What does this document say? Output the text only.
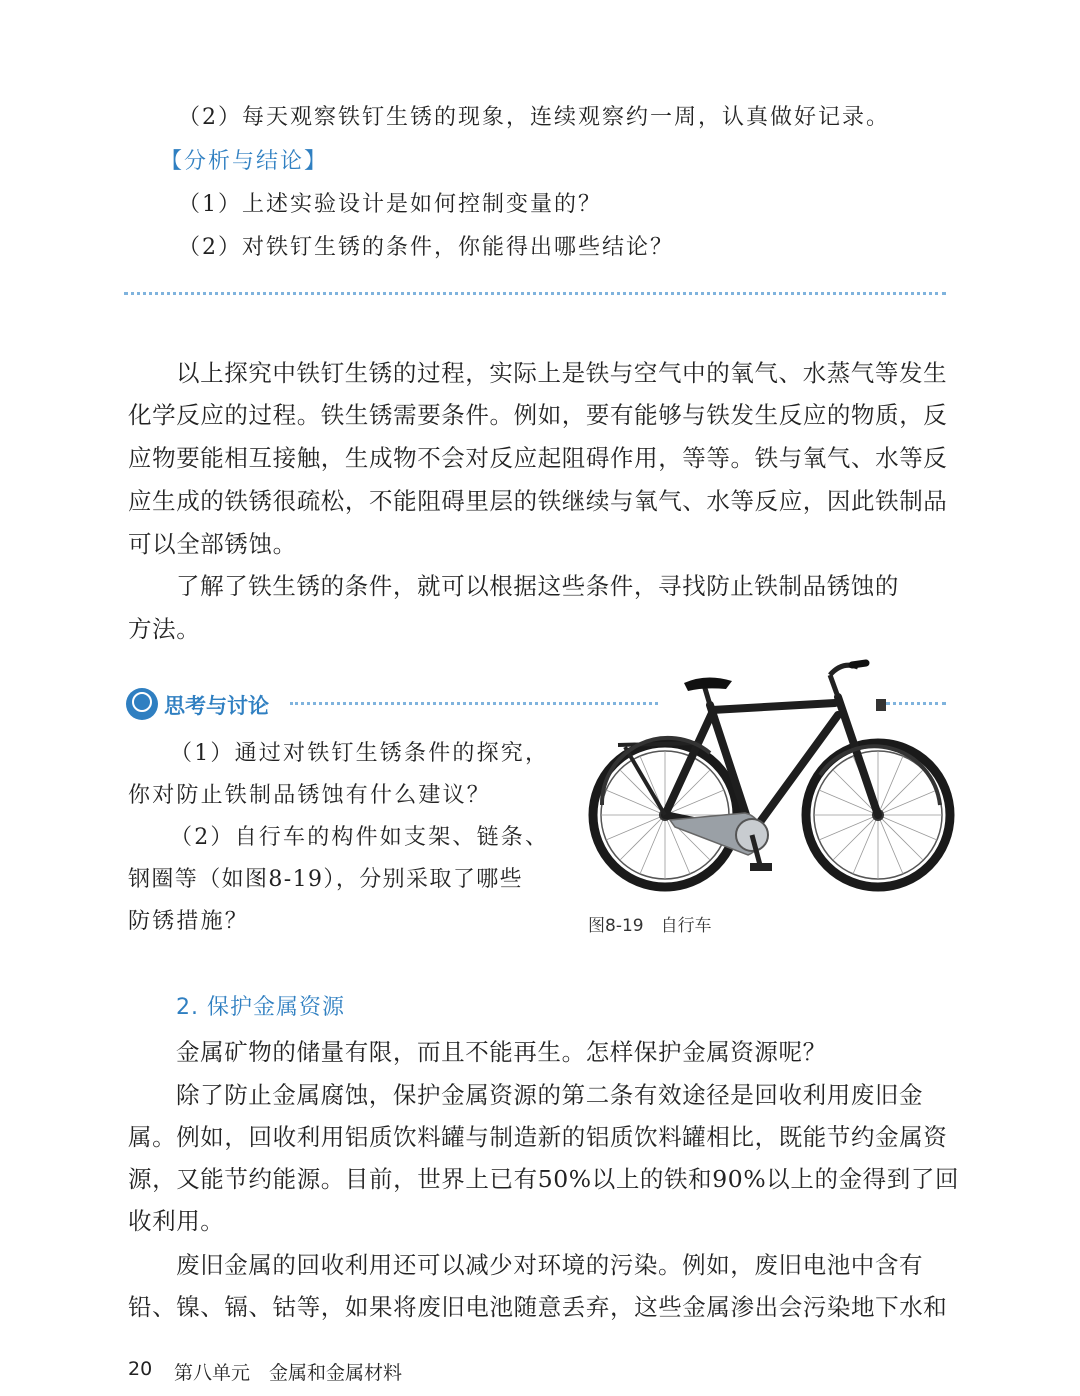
（2）每天观察铁钉生锈的现象，连续观察约一周，认真做好记录。
【分析与结论】
（1）上述实验设计是如何控制变量的？
（2）对铁钉生锈的条件，你能得出哪些结论？
以上探究中铁钉生锈的过程，实际上是铁与空气中的氧气、水蒸气等发生
化学反应的过程。铁生锈需要条件。例如，要有能够与铁发生反应的物质，反
应物要能相互接触，生成物不会对反应起阻碍作用，等等。铁与氧气、水等反
应生成的铁锈很疏松，不能阻碍里层的铁继续与氧气、水等反应，因此铁制品
可以全部锈蚀。
了解了铁生锈的条件，就可以根据这些条件，寻找防止铁制品锈蚀的
方法。
思考与讨论
（1）通过对铁钉生锈条件的探究，
你对防止铁制品锈蚀有什么建议？
（2）自行车的构件如支架、链条、
钢圈等（如图8-19），分别采取了哪些
防锈措施？	图8-19　自行车
2. 保护金属资源
金属矿物的储量有限，而且不能再生。怎样保护金属资源呢？
除了防止金属腐蚀，保护金属资源的第二条有效途径是回收利用废旧金
属。例如，回收利用铝质饮料罐与制造新的铝质饮料罐相比，既能节约金属资
源，又能节约能源。目前，世界上已有50%以上的铁和90%以上的金得到了回
收利用。
废旧金属的回收利用还可以减少对环境的污染。例如，废旧电池中含有
铅、镍、镉、钴等，如果将废旧电池随意丢弃，这些金属渗出会污染地下水和
20 第八单元　金属和金属材料
